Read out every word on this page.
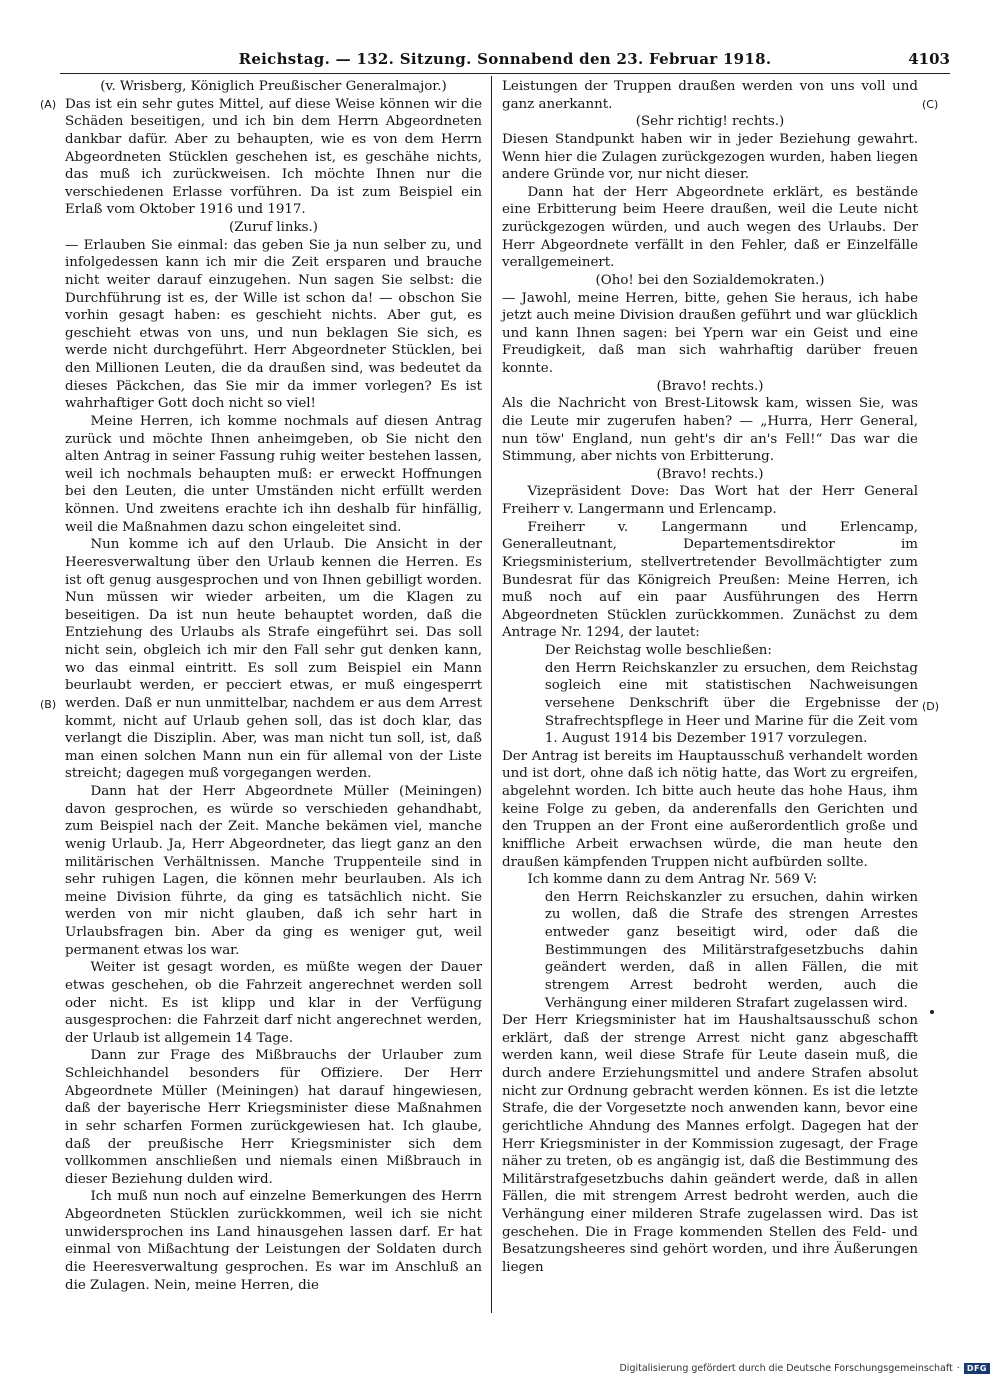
Reichstag. — 132. Sitzung. Sonnabend den 23. Februar 1918.	4103
(A)
(B)
(C)
(D)

(v. Wrisberg, Königlich Preußischer Generalmajor.)

Das ist ein sehr gutes Mittel, auf diese Weise können wir die Schäden beseitigen, und ich bin dem Herrn Abgeordneten dankbar dafür. Aber zu behaupten, wie es von dem Herrn Abgeordneten Stücklen geschehen ist, es geschähe nichts, das muß ich zurückweisen. Ich möchte Ihnen nur die verschiedenen Erlasse vorführen. Da ist zum Beispiel ein Erlaß vom Oktober 1916 und 1917.

(Zuruf links.)

— Erlauben Sie einmal: das geben Sie ja nun selber zu, und infolgedessen kann ich mir die Zeit ersparen und brauche nicht weiter darauf einzugehen. Nun sagen Sie selbst: die Durchführung ist es, der Wille ist schon da! — obschon Sie vorhin gesagt haben: es geschieht nichts. Aber gut, es geschieht etwas von uns, und nun beklagen Sie sich, es werde nicht durchgeführt. Herr Abgeordneter Stücklen, bei den Millionen Leuten, die da draußen sind, was bedeutet da dieses Päckchen, das Sie mir da immer vorlegen? Es ist wahrhaftiger Gott doch nicht so viel!

Meine Herren, ich komme nochmals auf diesen Antrag zurück und möchte Ihnen anheimgeben, ob Sie nicht den alten Antrag in seiner Fassung ruhig weiter bestehen lassen, weil ich nochmals behaupten muß: er erweckt Hoffnungen bei den Leuten, die unter Umständen nicht erfüllt werden können. Und zweitens erachte ich ihn deshalb für hinfällig, weil die Maßnahmen dazu schon eingeleitet sind.

Nun komme ich auf den Urlaub. Die Ansicht in der Heeresverwaltung über den Urlaub kennen die Herren. Es ist oft genug ausgesprochen und von Ihnen gebilligt worden. Nun müssen wir wieder arbeiten, um die Klagen zu beseitigen. Da ist nun heute behauptet worden, daß die Entziehung des Urlaubs als Strafe eingeführt sei. Das soll nicht sein, obgleich ich mir den Fall sehr gut denken kann, wo das einmal eintritt. Es soll zum Beispiel ein Mann beurlaubt werden, er pecciert etwas, er muß eingesperrt werden. Daß er nun unmittelbar, nachdem er aus dem Arrest kommt, nicht auf Urlaub gehen soll, das ist doch klar, das verlangt die Disziplin. Aber, was man nicht tun soll, ist, daß man einen solchen Mann nun ein für allemal von der Liste streicht; dagegen muß vorgegangen werden.

Dann hat der Herr Abgeordnete Müller (Meiningen) davon gesprochen, es würde so verschieden gehandhabt, zum Beispiel nach der Zeit. Manche bekämen viel, manche wenig Urlaub. Ja, Herr Abgeordneter, das liegt ganz an den militärischen Verhältnissen. Manche Truppenteile sind in sehr ruhigen Lagen, die können mehr beurlauben. Als ich meine Division führte, da ging es tatsächlich nicht. Sie werden von mir nicht glauben, daß ich sehr hart in Urlaubsfragen bin. Aber da ging es weniger gut, weil permanent etwas los war.

Weiter ist gesagt worden, es müßte wegen der Dauer etwas geschehen, ob die Fahrzeit angerechnet werden soll oder nicht. Es ist klipp und klar in der Verfügung ausgesprochen: die Fahrzeit darf nicht angerechnet werden, der Urlaub ist allgemein 14 Tage.

Dann zur Frage des Mißbrauchs der Urlauber zum Schleichhandel besonders für Offiziere. Der Herr Abgeordnete Müller (Meiningen) hat darauf hingewiesen, daß der bayerische Herr Kriegsminister diese Maßnahmen in sehr scharfen Formen zurückgewiesen hat. Ich glaube, daß der preußische Herr Kriegsminister sich dem vollkommen anschließen und niemals einen Mißbrauch in dieser Beziehung dulden wird.

Ich muß nun noch auf einzelne Bemerkungen des Herrn Abgeordneten Stücklen zurückkommen, weil ich sie nicht unwidersprochen ins Land hinausgehen lassen darf. Er hat einmal von Mißachtung der Leistungen der Soldaten durch die Heeresverwaltung gesprochen. Es war im Anschluß an die Zulagen. Nein, meine Herren, die

Leistungen der Truppen draußen werden von uns voll und ganz anerkannt.

(Sehr richtig! rechts.)

Diesen Standpunkt haben wir in jeder Beziehung gewahrt. Wenn hier die Zulagen zurückgezogen wurden, haben liegen andere Gründe vor, nur nicht dieser.

Dann hat der Herr Abgeordnete erklärt, es bestände eine Erbitterung beim Heere draußen, weil die Leute nicht zurückgezogen würden, und auch wegen des Urlaubs. Der Herr Abgeordnete verfällt in den Fehler, daß er Einzelfälle verallgemeinert.

(Oho! bei den Sozialdemokraten.)

— Jawohl, meine Herren, bitte, gehen Sie heraus, ich habe jetzt auch meine Division draußen geführt und war glücklich und kann Ihnen sagen: bei Ypern war ein Geist und eine Freudigkeit, daß man sich wahrhaftig darüber freuen konnte.

(Bravo! rechts.)

Als die Nachricht von Brest-Litowsk kam, wissen Sie, was die Leute mir zugerufen haben? — „Hurra, Herr General, nun töw' England, nun geht's dir an's Fell!“ Das war die Stimmung, aber nichts von Erbitterung.

(Bravo! rechts.)

Vizepräsident Dove: Das Wort hat der Herr General Freiherr v. Langermann und Erlencamp.

Freiherr v. Langermann und Erlencamp, Generalleutnant, Departementsdirektor im Kriegsministerium, stellvertretender Bevollmächtigter zum Bundesrat für das Königreich Preußen: Meine Herren, ich muß noch auf ein paar Ausführungen des Herrn Abgeordneten Stücklen zurückkommen. Zunächst zu dem Antrage Nr. 1294, der lautet:

Der Reichstag wolle beschließen:

den Herrn Reichskanzler zu ersuchen, dem Reichstag sogleich eine mit statistischen Nachweisungen versehene Denkschrift über die Ergebnisse der Strafrechtspflege in Heer und Marine für die Zeit vom 1. August 1914 bis Dezember 1917 vorzulegen.

Der Antrag ist bereits im Hauptausschuß verhandelt worden und ist dort, ohne daß ich nötig hatte, das Wort zu ergreifen, abgelehnt worden. Ich bitte auch heute das hohe Haus, ihm keine Folge zu geben, da anderenfalls den Gerichten und den Truppen an der Front eine außerordentlich große und kniffliche Arbeit erwachsen würde, die man heute den draußen kämpfenden Truppen nicht aufbürden sollte.

Ich komme dann zu dem Antrag Nr. 569 V:

den Herrn Reichskanzler zu ersuchen, dahin wirken zu wollen, daß die Strafe des strengen Arrestes entweder ganz beseitigt wird, oder daß die Bestimmungen des Militärstrafgesetzbuchs dahin geändert werden, daß in allen Fällen, die mit strengem Arrest bedroht werden, auch die Verhängung einer milderen Strafart zugelassen wird.

Der Herr Kriegsminister hat im Haushaltsausschuß schon erklärt, daß der strenge Arrest nicht ganz abgeschafft werden kann, weil diese Strafe für Leute dasein muß, die durch andere Erziehungsmittel und andere Strafen absolut nicht zur Ordnung gebracht werden können. Es ist die letzte Strafe, die der Vorgesetzte noch anwenden kann, bevor eine gerichtliche Ahndung des Mannes erfolgt. Dagegen hat der Herr Kriegsminister in der Kommission zugesagt, der Frage näher zu treten, ob es angängig ist, daß die Bestimmung des Militärstrafgesetzbuchs dahin geändert werde, daß in allen Fällen, die mit strengem Arrest bedroht werden, auch die Verhängung einer milderen Strafe zugelassen wird. Das ist geschehen. Die in Frage kommenden Stellen des Feld- und Besatzungsheeres sind gehört worden, und ihre Äußerungen liegen

Digitalisierung gefördert durch die Deutsche Forschungsgemeinschaft · DFG
